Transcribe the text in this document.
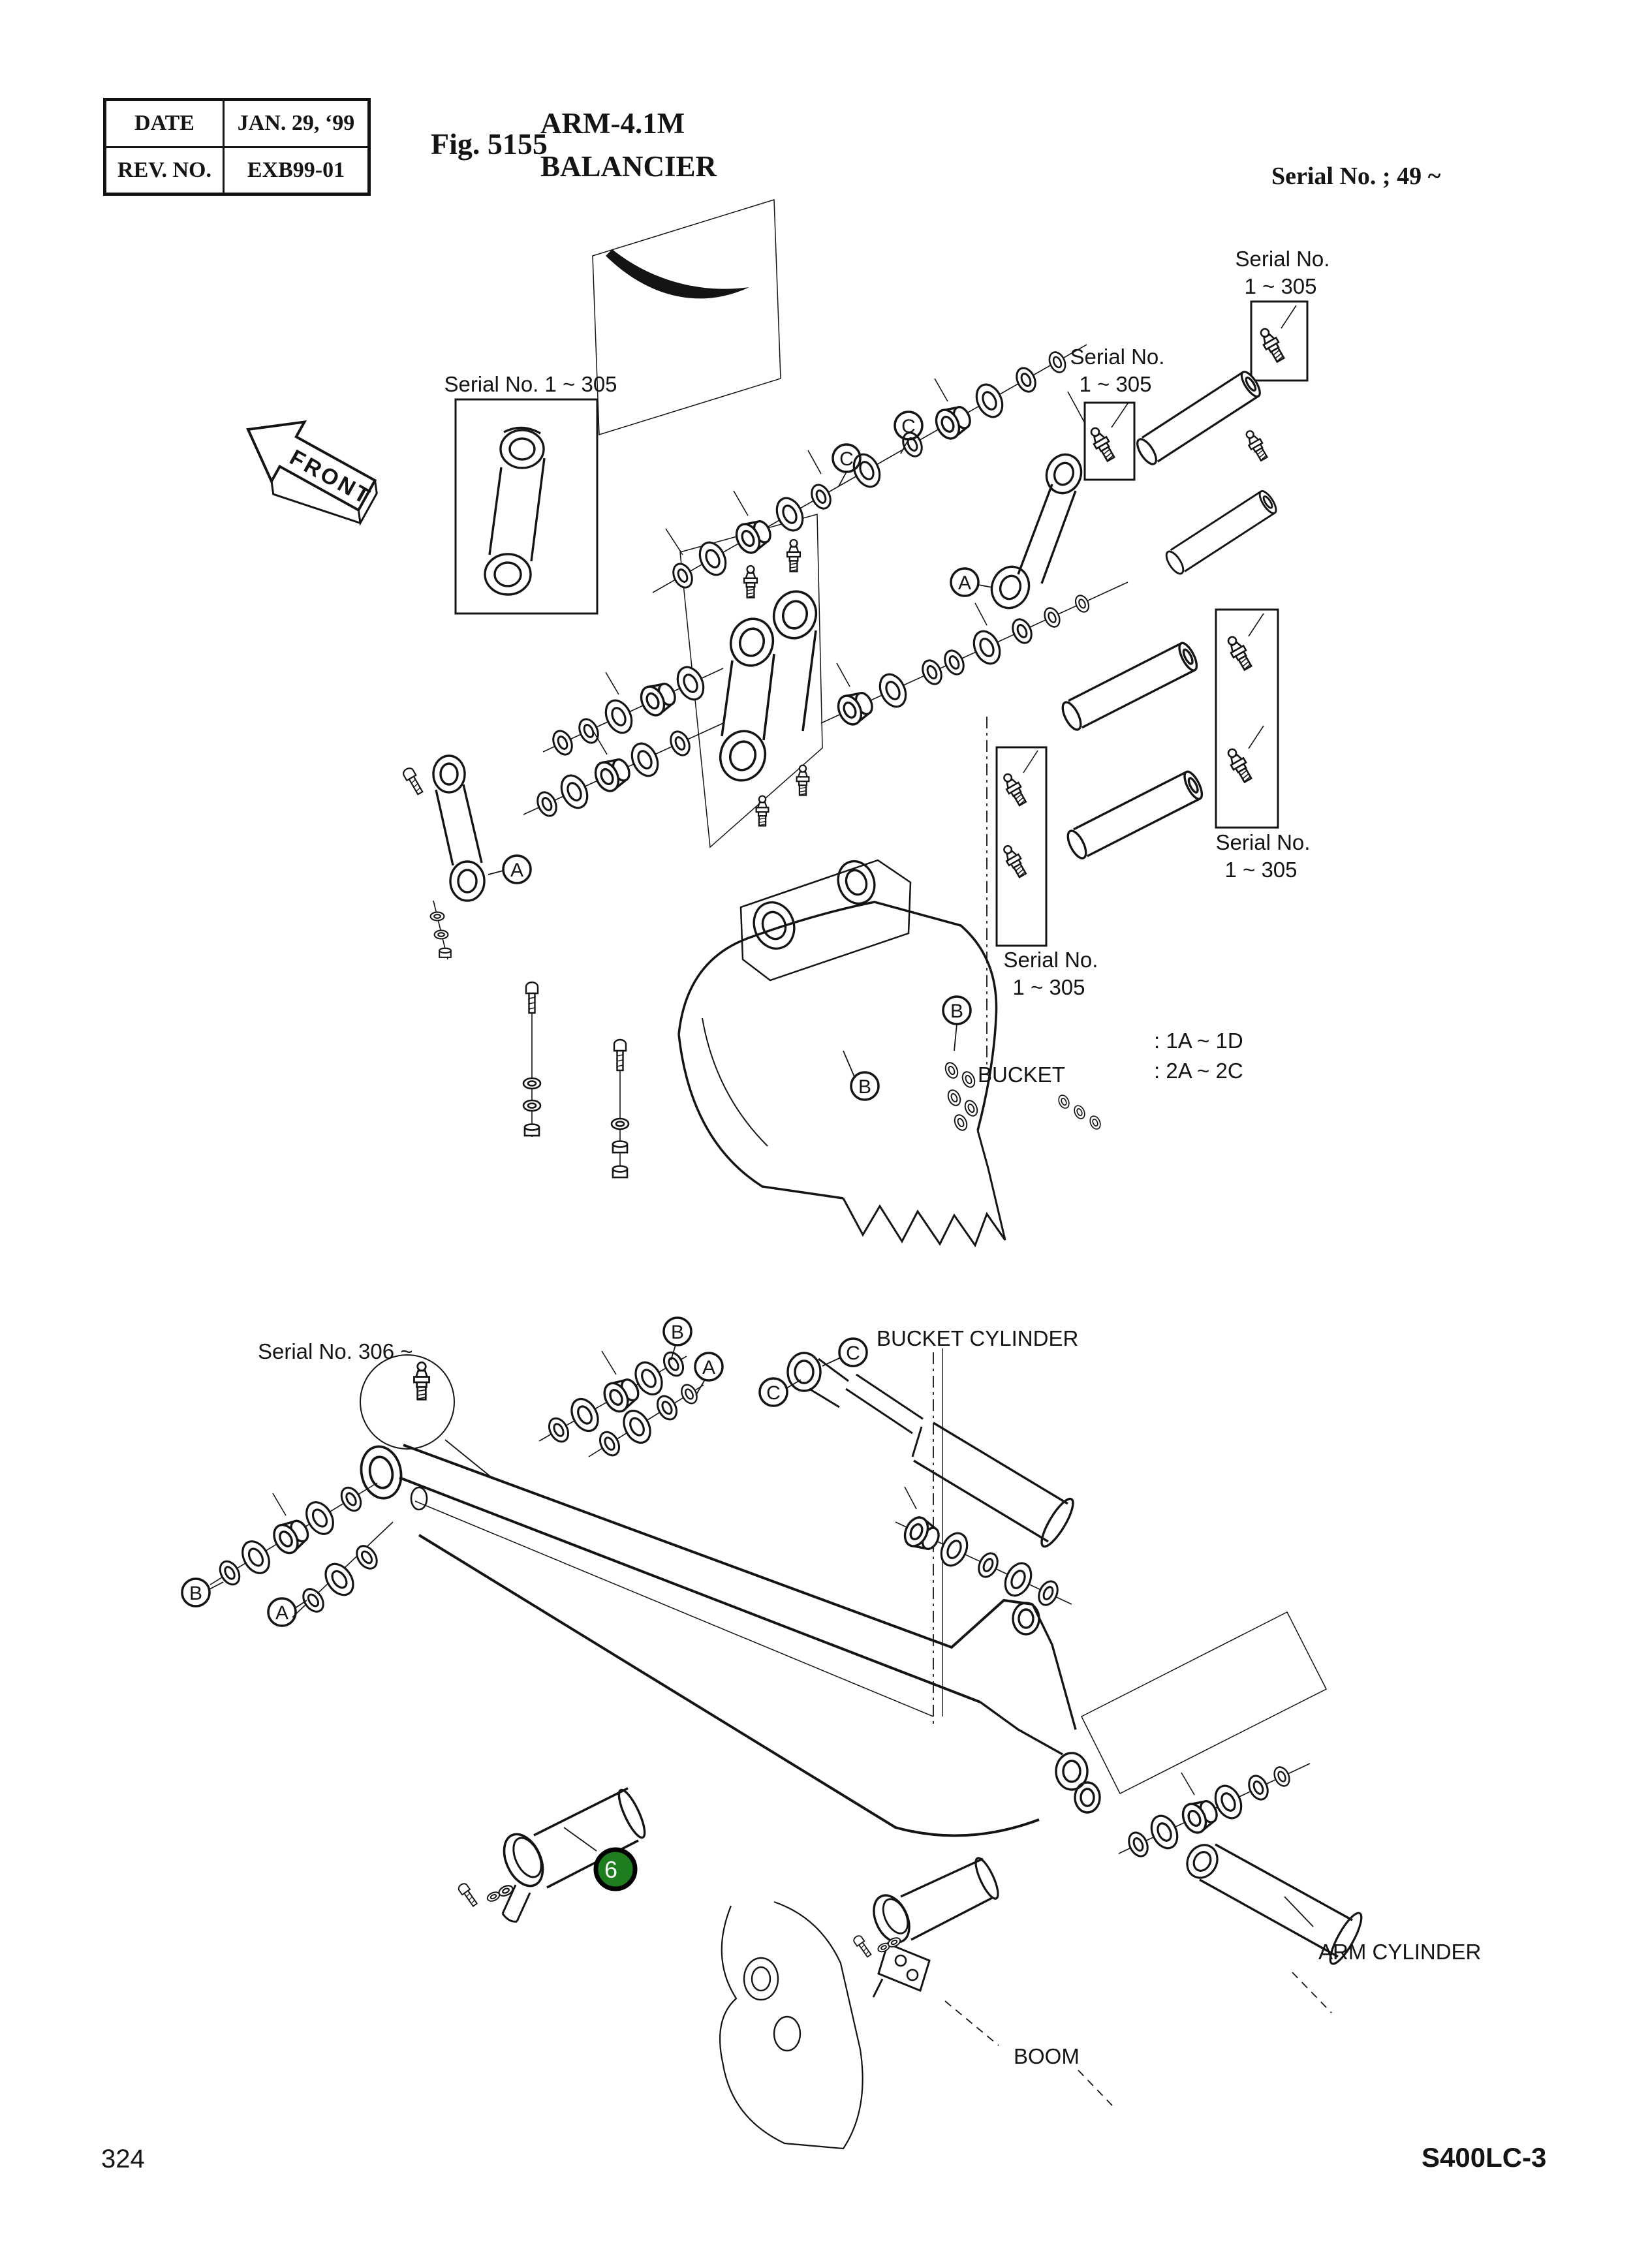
DATE	JAN. 29, ‘99
REV. NO.	EXB99-01
Fig. 5155
ARM-4.1M
BALANCIER	Serial No. ; 49 ~
FRONT
6
C
C
A
A
B
B
B
A
B
A
C
C
Serial No. 1 ~ 305
Serial No.
1 ~ 305
Serial No.
1 ~ 305
Serial No.
1 ~ 305
Serial No.
1 ~ 305
: 1A ~ 1D
: 2A ~ 2C
BUCKET
Serial No. 306 ~
BUCKET CYLINDER
ARM CYLINDER
BOOM
324	S400LC-3
